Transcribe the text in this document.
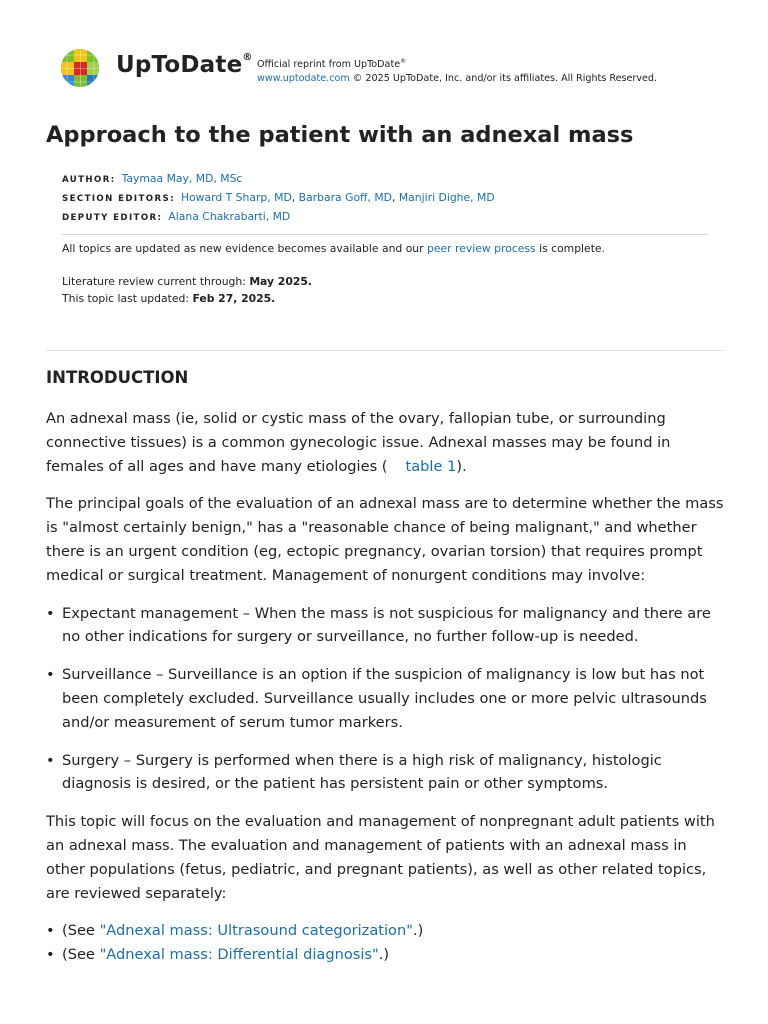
UpToDate®
Official reprint from UpToDate®
www.uptodate.com © 2025 UpToDate, Inc. and/or its affiliates. All Rights Reserved.
Approach to the patient with an adnexal mass
AUTHOR : Taymaa May, MD, MSc
SECTION EDITORS : Howard T Sharp, MD, Barbara Goff, MD, Manjiri Dighe, MD
DEPUTY EDITOR : Alana Chakrabarti, MD
All topics are updated as new evidence becomes available and our peer review process is complete.
Literature review current through: May 2025.
This topic last updated: Feb 27, 2025.
INTRODUCTION

An adnexal mass (ie, solid or cystic mass of the ovary, fallopian tube, or surrounding connective tissues) is a common gynecologic issue. Adnexal masses may be found in females of all ages and have many etiologies ( table 1).

The principal goals of the evaluation of an adnexal mass are to determine whether the mass is "almost certainly benign," has a "reasonable chance of being malignant," and whether there is an urgent condition (eg, ectopic pregnancy, ovarian torsion) that requires prompt medical or surgical treatment. Management of nonurgent conditions may involve:

• Expectant management – When the mass is not suspicious for malignancy and there are no other indications for surgery or surveillance, no further follow-up is needed.
• Surveillance – Surveillance is an option if the suspicion of malignancy is low but has not been completely excluded. Surveillance usually includes one or more pelvic ultrasounds and/or measurement of serum tumor markers.
• Surgery – Surgery is performed when there is a high risk of malignancy, histologic diagnosis is desired, or the patient has persistent pain or other symptoms.

This topic will focus on the evaluation and management of nonpregnant adult patients with an adnexal mass. The evaluation and management of patients with an adnexal mass in other populations (fetus, pediatric, and pregnant patients), as well as other related topics, are reviewed separately:

• (See "Adnexal mass: Ultrasound categorization".)
• (See "Adnexal mass: Differential diagnosis".)
